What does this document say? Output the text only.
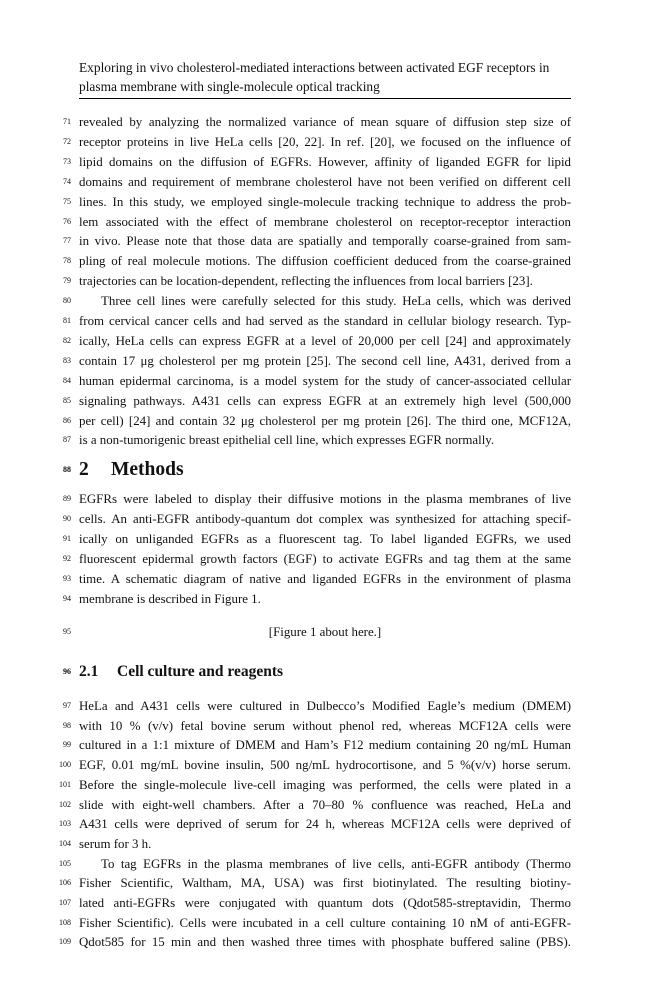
Exploring in vivo cholesterol-mediated interactions between activated EGF receptors in plasma membrane with single-molecule optical tracking
71 revealed by analyzing the normalized variance of mean square of diffusion step size of
72 receptor proteins in live HeLa cells [20, 22]. In ref. [20], we focused on the influence of
73 lipid domains on the diffusion of EGFRs. However, affinity of liganded EGFR for lipid
74 domains and requirement of membrane cholesterol have not been verified on different cell
75 lines. In this study, we employed single-molecule tracking technique to address the prob-
76 lem associated with the effect of membrane cholesterol on receptor-receptor interaction
77 in vivo. Please note that those data are spatially and temporally coarse-grained from sam-
78 pling of real molecule motions. The diffusion coefficient deduced from the coarse-grained
79 trajectories can be location-dependent, reflecting the influences from local barriers [23].
80 Three cell lines were carefully selected for this study. HeLa cells, which was derived
81 from cervical cancer cells and had served as the standard in cellular biology research. Typ-
82 ically, HeLa cells can express EGFR at a level of 20,000 per cell [24] and approximately
83 contain 17 μg cholesterol per mg protein [25]. The second cell line, A431, derived from a
84 human epidermal carcinoma, is a model system for the study of cancer-associated cellular
85 signaling pathways. A431 cells can express EGFR at an extremely high level (500,000
86 per cell) [24] and contain 32 μg cholesterol per mg protein [26]. The third one, MCF12A,
87 is a non-tumorigenic breast epithelial cell line, which expresses EGFR normally.
88 2 Methods
89 EGFRs were labeled to display their diffusive motions in the plasma membranes of live
90 cells. An anti-EGFR antibody-quantum dot complex was synthesized for attaching specif-
91 ically on unliganded EGFRs as a fluorescent tag. To label liganded EGFRs, we used
92 fluorescent epidermal growth factors (EGF) to activate EGFRs and tag them at the same
93 time. A schematic diagram of native and liganded EGFRs in the environment of plasma
94 membrane is described in Figure 1.
95	[Figure 1 about here.]
96 2.1 Cell culture and reagents
97 HeLa and A431 cells were cultured in Dulbecco’s Modified Eagle’s medium (DMEM)
98 with 10 % (v/v) fetal bovine serum without phenol red, whereas MCF12A cells were
99 cultured in a 1:1 mixture of DMEM and Ham’s F12 medium containing 20 ng/mL Human
100 EGF, 0.01 mg/mL bovine insulin, 500 ng/mL hydrocortisone, and 5 %(v/v) horse serum.
101 Before the single-molecule live-cell imaging was performed, the cells were plated in a
102 slide with eight-well chambers. After a 70–80 % confluence was reached, HeLa and
103 A431 cells were deprived of serum for 24 h, whereas MCF12A cells were deprived of
104 serum for 3 h.
105 To tag EGFRs in the plasma membranes of live cells, anti-EGFR antibody (Thermo
106 Fisher Scientific, Waltham, MA, USA) was first biotinylated. The resulting biotiny-
107 lated anti-EGFRs were conjugated with quantum dots (Qdot585-streptavidin, Thermo
108 Fisher Scientific). Cells were incubated in a cell culture containing 10 nM of anti-EGFR-
109 Qdot585 for 15 min and then washed three times with phosphate buffered saline (PBS).
